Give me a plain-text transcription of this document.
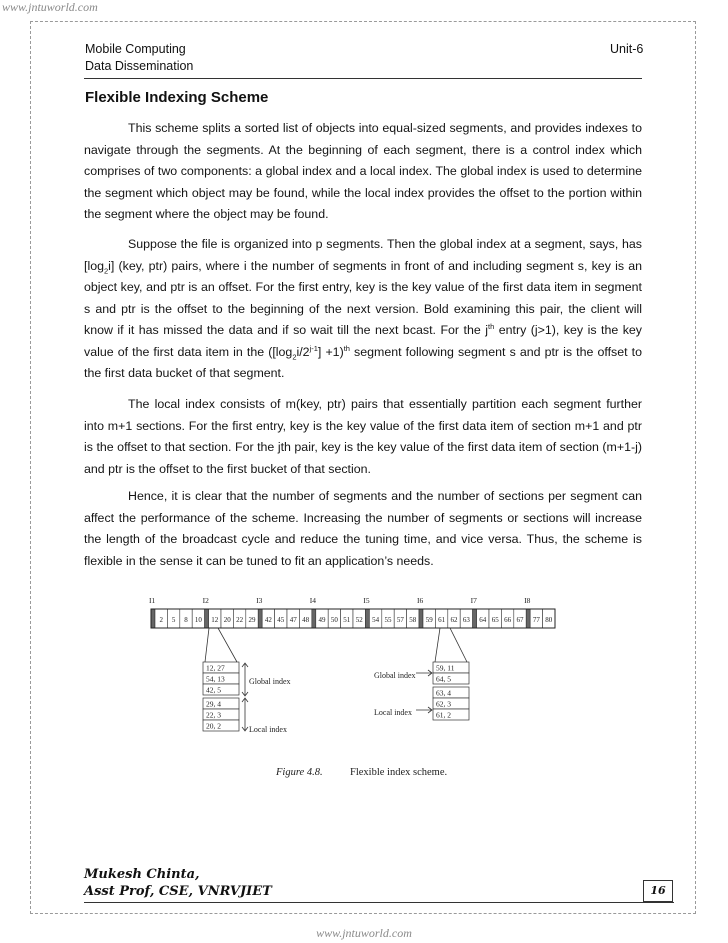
www.jntuworld.com
Mobile Computing
Data Dissemination
Unit-6
Flexible Indexing Scheme
This scheme splits a sorted list of objects into equal-sized segments, and provides indexes to navigate through the segments. At the beginning of each segment, there is a control index which comprises of two components: a global index and a local index. The global index is used to determine the segment which object may be found, while the local index provides the offset to the portion within the segment where the object may be found.
Suppose the file is organized into p segments. Then the global index at a segment, says, has $[\log_2i]$ (key, ptr) pairs, where i the number of segments in front of and including segment s, key is an object key, and ptr is an offset. For the first entry, key is the key value of the first data item in segment s and ptr is the offset to the beginning of the next version. Bold examining this pair, the client will know if it has missed the data and if so wait till the next bcast. For the $j^{th}$ entry (j>1), key is the key value of the first data item in the $([\log_2i/2^{j-1}] +1)^{th}$ segment following segment s and ptr is the offset to the first data bucket of that segment.
The local index consists of m(key, ptr) pairs that essentially partition each segment further into m+1 sections. For the first entry, key is the key value of the first data item of section m+1 and ptr is the offset to that section. For the jth pair, key is the key value of the first data item of section (m+1-j) and ptr is the offset to the first bucket of that section.
Hence, it is clear that the number of segments and the number of sections per segment can affect the performance of the scheme. Increasing the number of segments or sections will increase the length of the broadcast cycle and reduce the tuning time, and vice versa. Thus, the scheme is flexible in the sense it can be tuned to fit an application’s needs.
I1	I2	I3	I4	I5	I6	I7	I8
2 5 8 10 12 20 22 29 42 45 47 48 49 50 51 52 54 55 57 58 59 61 62 63 64 65 66 67 77 80
12, 27
54, 13
42, 5
29, 4
22, 3
20, 2
59, 11
64, 5
63, 4
62, 3
61, 2
Global index
Local index
Global index
Local index
Figure 4.8.	Flexible index scheme.
Mukesh Chinta,
Asst Prof, CSE, VNRVJIET	16
www.jntuworld.com
